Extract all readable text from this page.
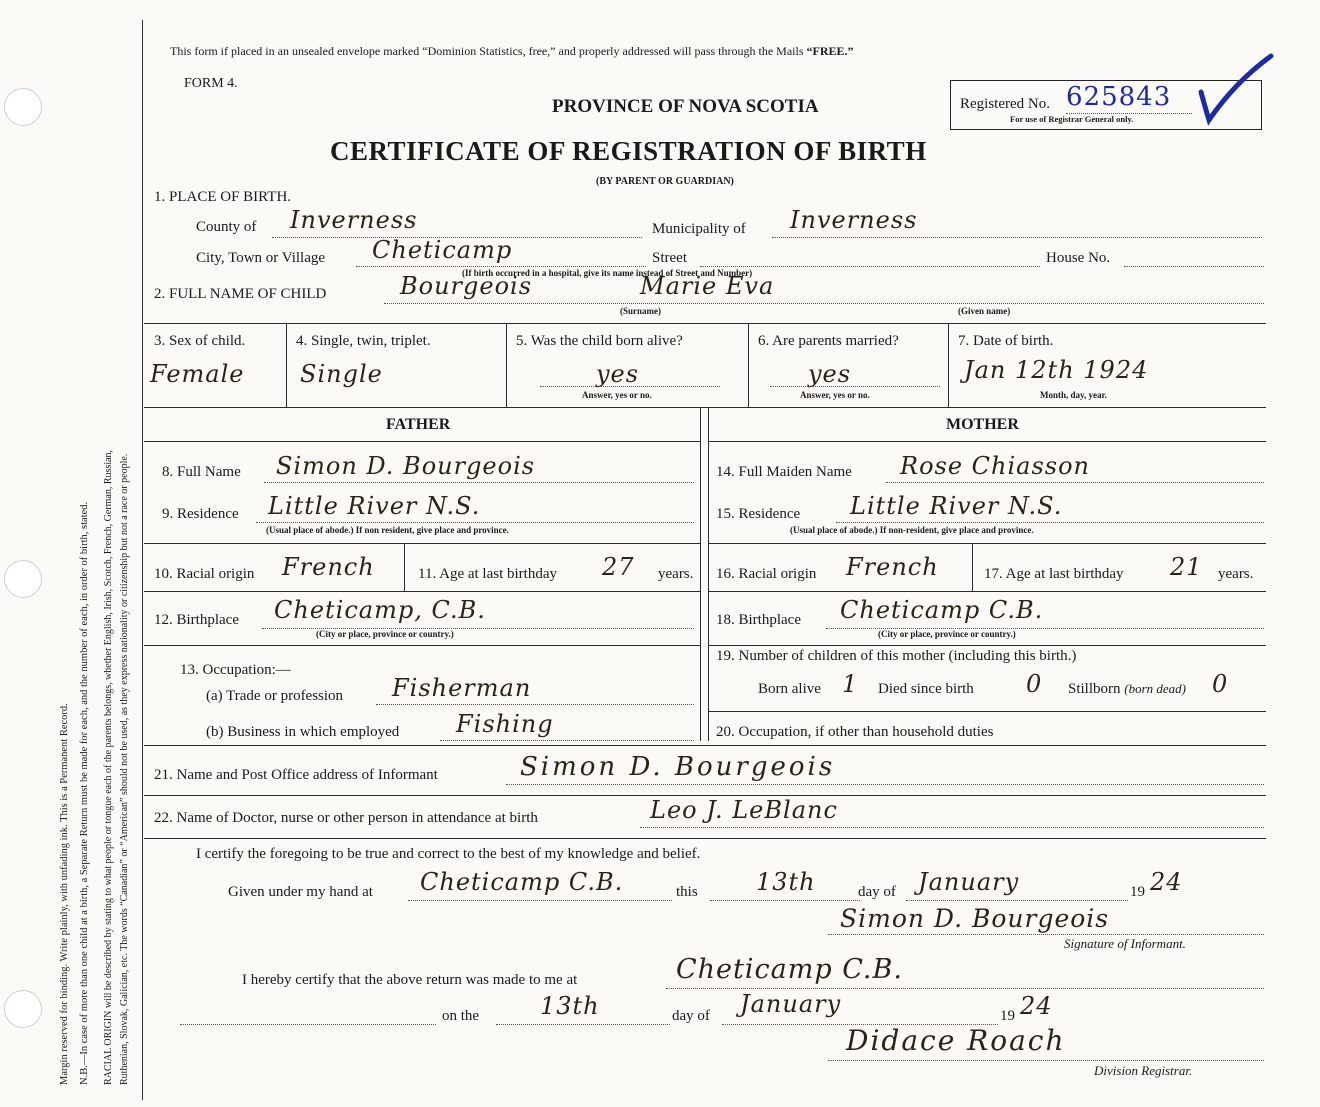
Margin reserved for binding. Write plainly, with unfading ink. This is a Permanent Record. N.B.—In case of more than one child at a birth, a Separate Return must be made for each, and the number of each, in order of birth, stated. RACIAL ORIGIN will be described by stating to what people or tongue each of the parents belongs, whether English, Irish, Scotch, French, German, Russian, Ruthenian, Slovak, Galician, etc. The words “Canadian” or “American” should not be used, as they express nationality or citizenship but not a race or people.
This form if placed in an unsealed envelope marked “Dominion Statistics, free,” and properly addressed will pass through the Mails “FREE.”
FORM 4.
PROVINCE OF NOVA SCOTIA
CERTIFICATE OF REGISTRATION OF BIRTH
(BY PARENT OR GUARDIAN)
Registered No. 625843
For use of Registrar General only.
1. PLACE OF BIRTH.
County of Inverness	Municipality of Inverness
City, Town or Village Cheticamp	Street	House No.
(If birth occurred in a hospital, give its name instead of Street and Number)
2. FULL NAME OF CHILD	Bourgeois	Marie Eva
(Surname)	(Given name)
3. Sex of child.
Female
4. Single, twin, triplet.
Single
5. Was the child born alive?
yes
Answer, yes or no.
6. Are parents married?
yes
Answer, yes or no.
7. Date of birth.
Jan 12th 1924
Month, day, year.
FATHER	MOTHER
8. Full Name Simon D. Bourgeois
9. Residence Little River N.S.
(Usual place of abode.) If non resident, give place and province.
10. Racial origin French	11. Age at last birthday 27 years.
12. Birthplace Cheticamp, C.B.
(City or place, province or country.)
13. Occupation:—
(a) Trade or profession Fisherman
(b) Business in which employed Fishing
14. Full Maiden Name Rose Chiasson
15. Residence Little River N.S.
(Usual place of abode.) If non-resident, give place and province.
16. Racial origin French	17. Age at last birthday 21 years.
18. Birthplace Cheticamp C.B.
(City or place, province or country.)
19. Number of children of this mother (including this birth.)
Born alive 1 Died since birth 0 Stillborn (born dead) 0
20. Occupation, if other than household duties
21. Name and Post Office address of Informant	Simon D. Bourgeois
22. Name of Doctor, nurse or other person in attendance at birth	Leo J. LeBlanc
I certify the foregoing to be true and correct to the best of my knowledge and belief.
Given under my hand at Cheticamp C.B.	this 13th	day of January	19 24
Simon D. Bourgeois
Signature of Informant.
I hereby certify that the above return was made to me at	Cheticamp C.B.
on the	13th	day of January	19 24
Didace Roach
Division Registrar.
